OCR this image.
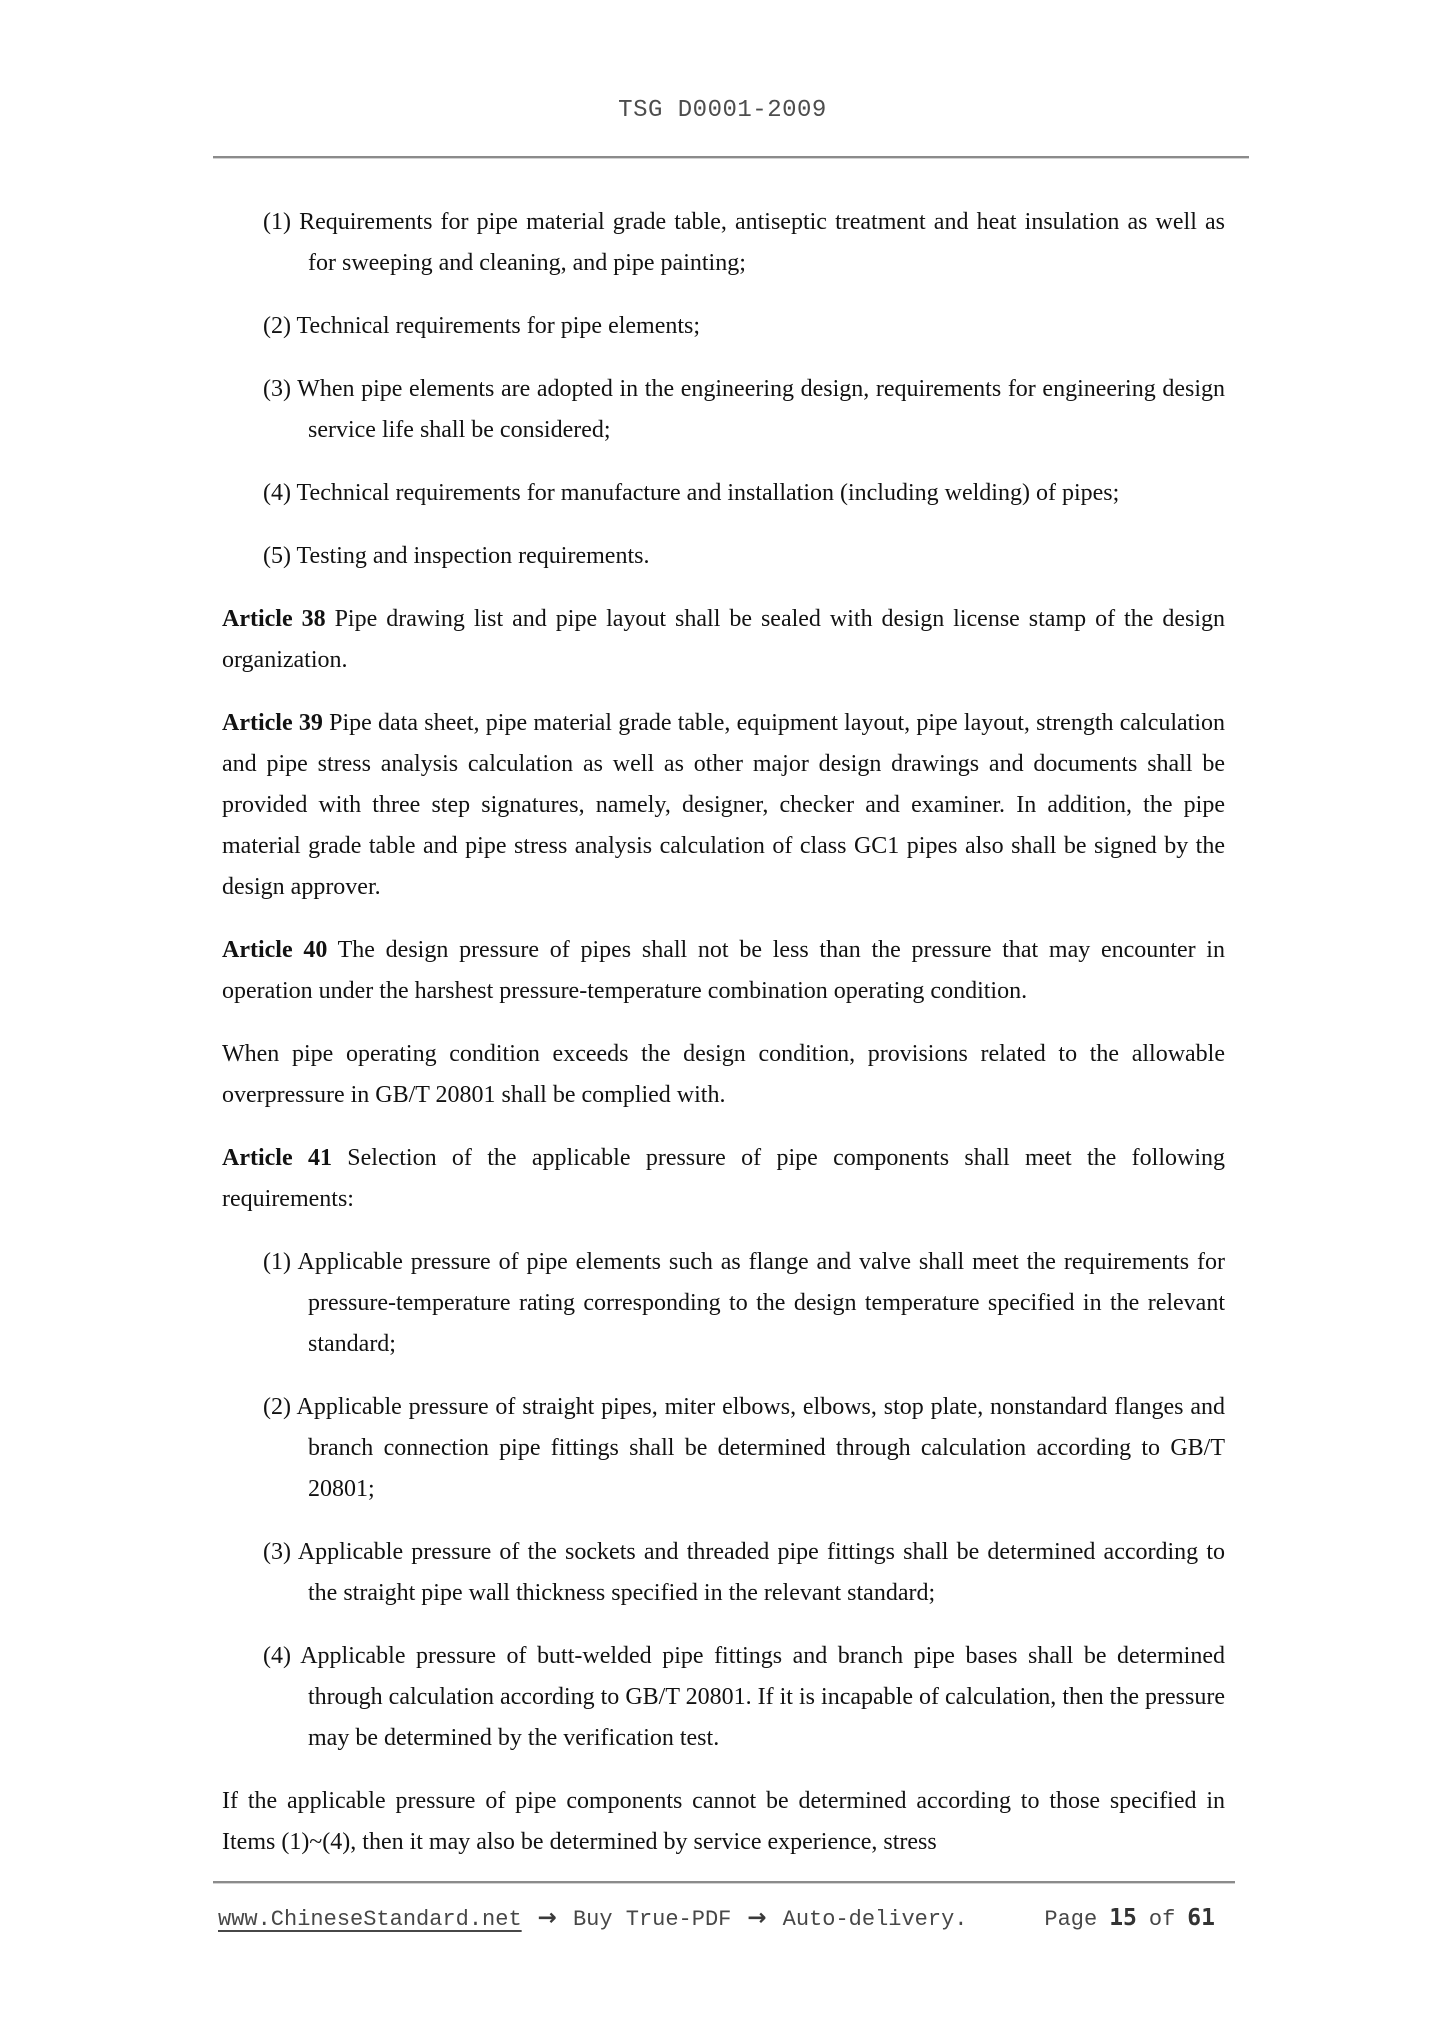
TSG D0001-2009

(1) Requirements for pipe material grade table, antiseptic treatment and heat insulation as well as for sweeping and cleaning, and pipe painting;

(2) Technical requirements for pipe elements;

(3) When pipe elements are adopted in the engineering design, requirements for engineering design service life shall be considered;

(4) Technical requirements for manufacture and installation (including welding) of pipes;

(5) Testing and inspection requirements.

Article 38 Pipe drawing list and pipe layout shall be sealed with design license stamp of the design organization.

Article 39 Pipe data sheet, pipe material grade table, equipment layout, pipe layout, strength calculation and pipe stress analysis calculation as well as other major design drawings and documents shall be provided with three step signatures, namely, designer, checker and examiner. In addition, the pipe material grade table and pipe stress analysis calculation of class GC1 pipes also shall be signed by the design approver.

Article 40 The design pressure of pipes shall not be less than the pressure that may encounter in operation under the harshest pressure-temperature combination operating condition.

When pipe operating condition exceeds the design condition, provisions related to the allowable overpressure in GB/T 20801 shall be complied with.

Article 41 Selection of the applicable pressure of pipe components shall meet the following requirements:

(1) Applicable pressure of pipe elements such as flange and valve shall meet the requirements for pressure-temperature rating corresponding to the design temperature specified in the relevant standard;

(2) Applicable pressure of straight pipes, miter elbows, elbows, stop plate, nonstandard flanges and branch connection pipe fittings shall be determined through calculation according to GB/T 20801;

(3) Applicable pressure of the sockets and threaded pipe fittings shall be determined according to the straight pipe wall thickness specified in the relevant standard;

(4) Applicable pressure of butt-welded pipe fittings and branch pipe bases shall be determined through calculation according to GB/T 20801. If it is incapable of calculation, then the pressure may be determined by the verification test.

If the applicable pressure of pipe components cannot be determined according to those specified in Items (1)~(4), then it may also be determined by service experience, stress

www.ChineseStandard.net → Buy True-PDF → Auto-delivery.	Page 15 of 61
